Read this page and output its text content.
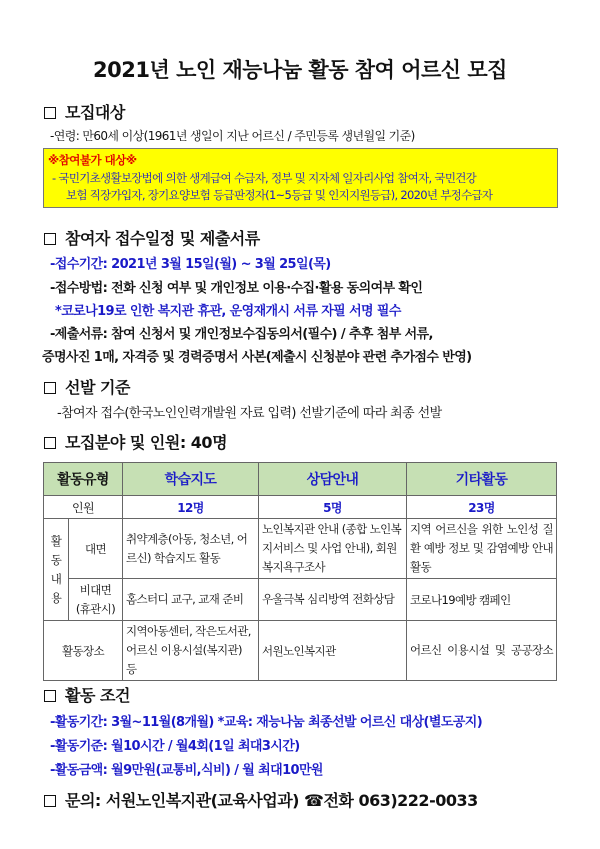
2021년 노인 재능나눔 활동 참여 어르신 모집
모집대상
-연령: 만60세 이상(1961년 생일이 지난 어르신 / 주민등록 생년월일 기준)
※참여불가 대상※
- 국민기초생활보장법에 의한 생계급여 수급자, 정부 및 지자체 일자리사업 참여자, 국민건강
보험 직장가입자, 장기요양보험 등급판정자(1~5등급 및 인지지원등급), 2020년 부정수급자
참여자 접수일정 및 제출서류
-접수기간: 2021년 3월 15일(월) ~ 3월 25일(목)
-접수방법: 전화 신청 여부 및 개인정보 이용·수집·활용 동의여부 확인
*코로나19로 인한 복지관 휴관, 운영재개시 서류 자필 서명 필수
-제출서류: 참여 신청서 및 개인정보수집동의서(필수) / 추후 첨부 서류,
증명사진 1매, 자격증 및 경력증명서 사본(제출시 신청분야 관련 추가점수 반영)
선발 기준
-참여자 접수(한국노인인력개발원 자료 입력) 선발기준에 따라 최종 선발
모집분야 및 인원: 40명
활동유형		학습지도	상담안내	기타활동
인원		12명	5명	23명
활동내용	대면	취약계층(아동, 청소년, 어르신) 학습지도 활동	노인복지관 안내 (종합 노인복지서비스 및 사업 안내), 회원 복지욕구조사	지역 어르신을 위한 노인성 질환 예방 정보 및 감염예방 안내 활동
	비대면 (휴관시)	홈스터디 교구, 교재 준비	우울극복 심리방역 전화상담	코로나19예방 캠페인
활동장소		지역아동센터, 작은도서관, 어르신 이용시설(복지관) 등	서원노인복지관	어르신 이용시설 및 공공장소
활동 조건
-활동기간: 3월~11월(8개월) *교육: 재능나눔 최종선발 어르신 대상(별도공지)
-활동기준: 월10시간 / 월4회(1일 최대3시간)
-활동금액: 월9만원(교통비,식비) / 월 최대10만원
문의: 서원노인복지관(교육사업과) ☎전화 063)222-0033
